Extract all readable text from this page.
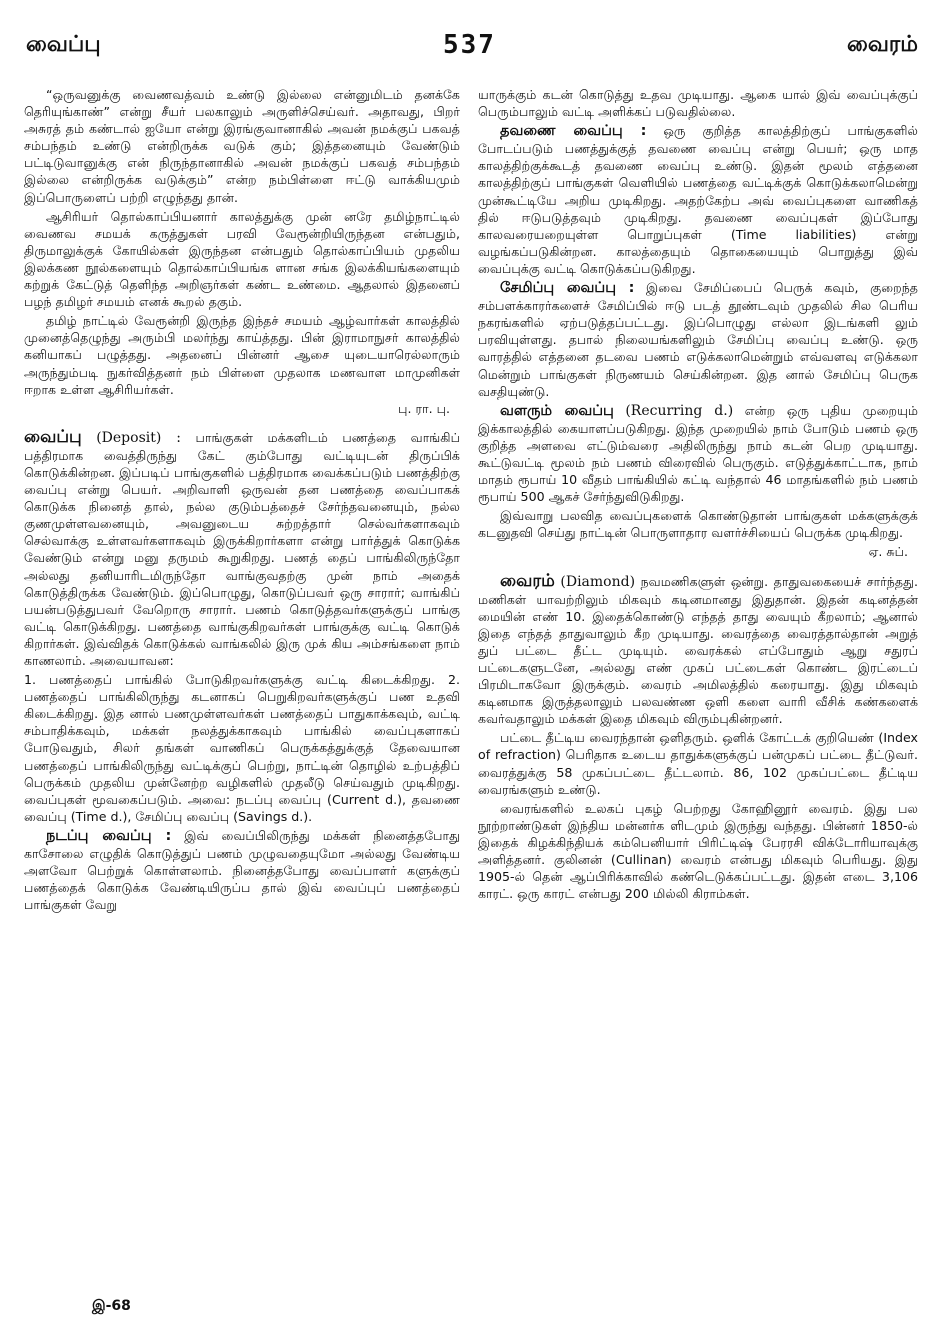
வைப்பு	537	வைரம்

“ஒருவனுக்கு வைணவத்வம் உண்டு இல்லை என்னுமிடம் தனக்கே தெரியுங்காண்” என்று சீயர் பலகாலும் அருளிச்செய்வர். அதாவது, பிறர் அசுரத் தம் கண்டால் ஐயோ என்று இரங்குவானாகில் அவன் நமக்குப் பகவத் சம்பந்தம் உண்டு என்றிருக்க வடுக் கும்; இத்தனையும் வேண்டும் பட்டிடுவானுக்கு என் நிருந்தானாகில் அவன் நமக்குப் பகவத் சம்பந்தம் இல்லை என்றிருக்க வடுக்கும்” என்ற நம்பிள்ளை ஈட்டு வாக்கியமும் இப்பொருளைப் பற்றி எழுந்தது தான்.

ஆசிரியர் தொல்காப்பியனார் காலத்துக்கு முன் னரே தமிழ்நாட்டில் வைணவ சமயக் கருத்துகள் பரவி வேரூன்றியிருந்தன என்பதும், திருமாலுக்குக் கோயில்கள் இருந்தன என்பதும் தொல்காப்பியம் முதலிய இலக்கண நூல்களையும் தொல்காப்பியங்க ளான சங்க இலக்கியங்களையும் கற்றுக் கேட்டுத் தெளிந்த அறிஞர்கள் கண்ட உண்மை. ஆதலால் இதனைப் பழந் தமிழர் சமயம் எனக் கூறல் தகும்.

தமிழ் நாட்டில் வேரூன்றி இருந்த இந்தச் சமயம் ஆழ்வார்கள் காலத்தில் முனைத்தெழுந்து அரும்பி மலர்ந்து காய்த்தது. பின் இராமாநுசர் காலத்தில் கனியாகப் பழுத்தது. அதனைப் பின்னர் ஆசை யுடையாரெல்லாரும் அருந்தும்படி நுகர்வித்தனர் நம் பிள்ளை முதலாக மணவாள மாமுனிகள் ஈறாக உள்ள ஆசிரியர்கள்.

பு. ரா. பு.

வைப்பு (Deposit) : பாங்குகள் மக்களிடம் பணத்தை வாங்கிப் பத்திரமாக வைத்திருந்து கேட் கும்போது வட்டியுடன் திருப்பிக் கொடுக்கின்றன. இப்படிப் பாங்குகளில் பத்திரமாக வைக்கப்படும் பணத்திற்கு வைப்பு என்று பெயர். அறிவாளி ஒருவன் தன பணத்தை வைப்பாகக் கொடுக்க நினைத் தால், நல்ல குடும்பத்தைச் சேர்ந்தவனையும், நல்ல குணமுள்ளவனையும், அவனுடைய சுற்றத்தார் செல்வர்களாகவும் செல்வாக்கு உள்ளவர்களாகவும் இருக்கிறார்களா என்று பார்த்துக் கொடுக்க வேண்டும் என்று மனு தருமம் கூறுகிறது. பணத் தைப் பாங்கிலிருந்தோ அல்லது தனியாரிடமிருந்தோ வாங்குவதற்கு முன் நாம் அதைக் கொடுத்திருக்க வேண்டும். இப்பொழுது, கொடுப்பவர் ஒரு சாரார்; வாங்கிப் பயன்படுத்துபவர் வேறொரு சாரார். பணம் கொடுத்தவர்களுக்குப் பாங்கு வட்டி கொடுக்கிறது. பணத்தை வாங்குகிறவர்கள் பாங்குக்கு வட்டி கொடுக் கிறார்கள். இவ்விதக் கொடுக்கல் வாங்கலில் இரு முக் கிய அம்சங்களை நாம் காணலாம். அவையாவன:

1. பணத்தைப் பாங்கில் போடுகிறவர்களுக்கு வட்டி கிடைக்கிறது. 2. பணத்தைப் பாங்கிலிருந்து கடனாகப் பெறுகிறவர்களுக்குப் பண உதவி கிடைக்கிறது. இத னால் பணமுள்ளவர்கள் பணத்தைப் பாதுகாக்கவும், வட்டி சம்பாதிக்கவும், மக்கள் நலத்துக்காகவும் பாங்கில் வைப்புகளாகப் போடுவதும், சிலர் தங்கள் வாணிகப் பெருக்கத்துக்குத் தேவையான பணத்தைப் பாங்கிலிருந்து வட்டிக்குப் பெற்று, நாட்டின் தொழில் உற்பத்திப் பெருக்கம் முதலிய முன்னேற்ற வழிகளில் முதலீடு செய்வதும் முடிகிறது. வைப்புகள் மூவகைப்படும். அவை: நடப்பு வைப்பு (Current d.), தவணை வைப்பு (Time d.), சேமிப்பு வைப்பு (Savings d.).

நடப்பு வைப்பு : இவ் வைப்பிலிருந்து மக்கள் நினைத்தபோது காசோலை எழுதிக் கொடுத்துப் பணம் முழுவதையுமோ அல்லது வேண்டிய அளவோ பெற்றுக் கொள்ளலாம். நினைத்தபோது வைப்பாளர் களுக்குப் பணத்தைக் கொடுக்க வேண்டியிருப்ப தால் இவ் வைப்புப் பணத்தைப் பாங்குகள் வேறு

யாருக்கும் கடன் கொடுத்து உதவ முடியாது. ஆகை யால் இவ் வைப்புக்குப் பெரும்பாலும் வட்டி அளிக்கப் படுவதில்லை.

தவணை வைப்பு : ஒரு குறித்த காலத்திற்குப் பாங்குகளில் போடப்படும் பணத்துக்குத் தவணை வைப்பு என்று பெயர்; ஒரு மாத காலத்திற்குக்கூடத் தவணை வைப்பு உண்டு. இதன் மூலம் எத்தனை காலத்திற்குப் பாங்குகள் வெளியில் பணத்தை வட்டிக்குக் கொடுக்கலாமென்று முன்கூட்டியே அறிய முடிகிறது. அதற்கேற்ப அவ் வைப்புகளை வாணிகத் தில் ஈடுபடுத்தவும் முடிகிறது. தவணை வைப்புகள் இப்போது காலவரையறையுள்ள பொறுப்புகள் (Time liabilities) என்று வழங்கப்படுகின்றன. காலத்தையும் தொகையையும் பொறுத்து இவ் வைப்புக்கு வட்டி கொடுக்கப்படுகிறது.

சேமிப்பு வைப்பு : இவை சேமிப்பைப் பெருக் கவும், குறைந்த சம்பளக்காரர்களைச் சேமிப்பில் ஈடு படத் தூண்டவும் முதலில் சில பெரிய நகரங்களில் ஏற்படுத்தப்பட்டது. இப்பொழுது எல்லா இடங்களி லும் பரவியுள்ளது. தபால் நிலையங்களிலும் சேமிப்பு வைப்பு உண்டு. ஒரு வாரத்தில் எத்தனை தடவை பணம் எடுக்கலாமென்றும் எவ்வளவு எடுக்கலா மென்றும் பாங்குகள் நிருணயம் செய்கின்றன. இத னால் சேமிப்பு பெருக வசதியுண்டு.

வளரும் வைப்பு (Recurring d.) என்ற ஒரு புதிய முறையும் இக்காலத்தில் கையாளப்படுகிறது. இந்த முறையில் நாம் போடும் பணம் ஒரு குறித்த அளவை எட்டும்வரை அதிலிருந்து நாம் கடன் பெற முடியாது. கூட்டுவட்டி மூலம் நம் பணம் விரைவில் பெருகும். எடுத்துக்காட்டாக, நாம் மாதம் ரூபாய் 10 வீதம் பாங்கியில் கட்டி வந்தால் 46 மாதங்களில் நம் பணம் ரூபாய் 500 ஆகச் சேர்ந்துவிடுகிறது.

இவ்வாறு பலவித வைப்புகளைக் கொண்டுதான் பாங்குகள் மக்களுக்குக் கடனுதவி செய்து நாட்டின் பொருளாதார வளர்ச்சியைப் பெருக்க முடிகிறது.

ஏ. சுப்.

வைரம் (Diamond) நவமணிகளுள் ஒன்று. தாதுவகையைச் சார்ந்தது. மணிகள் யாவற்றிலும் மிகவும் கடினமானது இதுதான். இதன் கடினத்தன் மையின் எண் 10. இதைக்கொண்டு எந்தத் தாது வையும் கீறலாம்; ஆனால் இதை எந்தத் தாதுவாலும் கீற முடியாது. வைரத்தை வைரத்தால்தான் அறுத் துப் பட்டை தீட்ட முடியும். வைரக்கல் எப்போதும் ஆறு சதுரப் பட்டைகளுடனே, அல்லது எண் முகப் பட்டைகள் கொண்ட இரட்டைப் பிரமிடாகவோ இருக்கும். வைரம் அமிலத்தில் கரையாது. இது மிகவும் கடினமாக இருத்தலாலும் பலவண்ண ஒளி களை வாரி வீசிக் கண்களைக் கவர்வதாலும் மக்கள் இதை மிகவும் விரும்புகின்றனர்.

பட்டை தீட்டிய வைரந்தான் ஒளிதரும். ஒளிக் கோட்டக் குறியெண் (Index of refraction) பெரிதாக உடைய தாதுக்களுக்குப் பன்முகப் பட்டை தீட்டுவர். வைரத்துக்கு 58 முகப்பட்டை தீட்டலாம். 86, 102 முகப்பட்டை தீட்டிய வைரங்களும் உண்டு.

வைரங்களில் உலகப் புகழ் பெற்றது கோஹினூர் வைரம். இது பல நூற்றாண்டுகள் இந்திய மன்னர்க ளிடமும் இருந்து வந்தது. பின்னர் 1850-ல் இதைக் கிழக்கிந்தியக் கம்பெனியார் பிரிட்டிஷ் பேரரசி விக்டோரியாவுக்கு அளித்தனர். குலினன் (Cullinan) வைரம் என்பது மிகவும் பெரியது. இது 1905-ல் தென் ஆப்பிரிக்காவில் கண்டெடுக்கப்பட்டது. இதன் எடை 3,106 காரட். ஒரு காரட் என்பது 200 மில்லி கிராம்கள்.

இ-68
